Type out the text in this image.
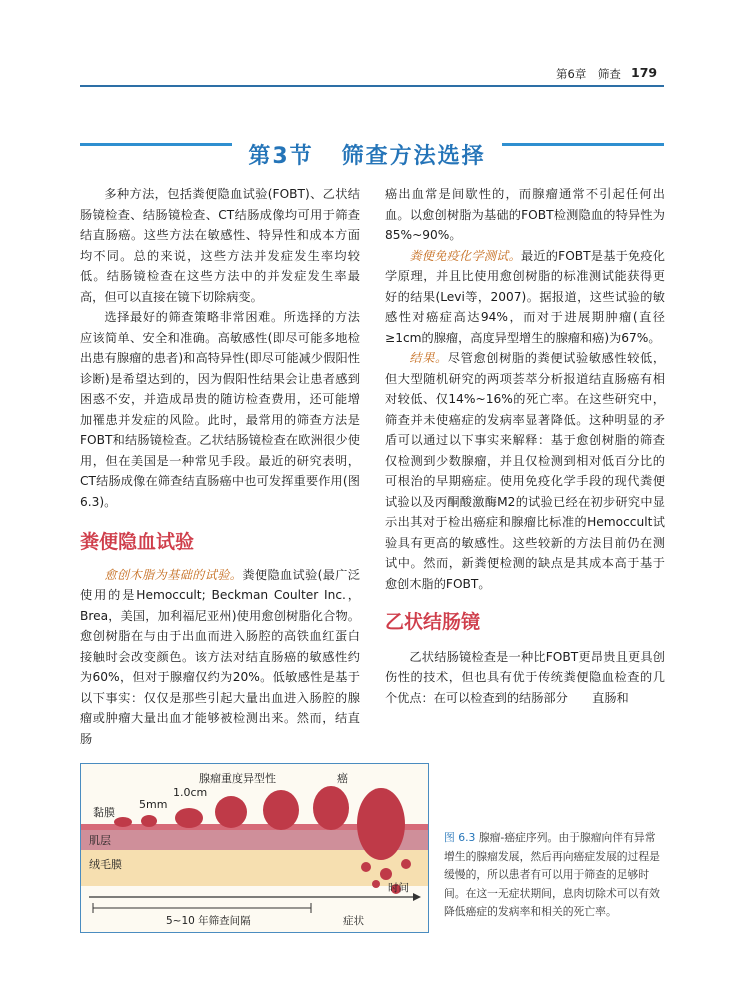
第6章　筛查 179
第3节 筛查方法选择

多种方法，包括粪便隐血试验(FOBT)、乙状结肠镜检查、结肠镜检查、CT结肠成像均可用于筛查结直肠癌。这些方法在敏感性、特异性和成本方面均不同。总的来说，这些方法并发症发生率均较低。结肠镜检查在这些方法中的并发症发生率最高，但可以直接在镜下切除病变。

选择最好的筛查策略非常困难。所选择的方法应该简单、安全和准确。高敏感性(即尽可能多地检出患有腺瘤的患者)和高特异性(即尽可能减少假阳性诊断)是希望达到的，因为假阳性结果会让患者感到困惑不安，并造成昂贵的随访检查费用，还可能增加罹患并发症的风险。此时，最常用的筛查方法是FOBT和结肠镜检查。乙状结肠镜检查在欧洲很少使用，但在美国是一种常见手段。最近的研究表明，CT结肠成像在筛查结直肠癌中也可发挥重要作用(图6.3)。

粪便隐血试验

愈创木脂为基础的试验。粪便隐血试验(最广泛使用的是Hemoccult; Beckman Coulter Inc.，Brea，美国，加利福尼亚州)使用愈创树脂化合物。愈创树脂在与由于出血而进入肠腔的高铁血红蛋白接触时会改变颜色。该方法对结直肠癌的敏感性约为60%，但对于腺瘤仅约为20%。低敏感性是基于以下事实：仅仅是那些引起大量出血进入肠腔的腺瘤或肿瘤大量出血才能够被检测出来。然而，结直肠

癌出血常是间歇性的，而腺瘤通常不引起任何出血。以愈创树脂为基础的FOBT检测隐血的特异性为85%~90%。

粪便免疫化学测试。最近的FOBT是基于免疫化学原理，并且比使用愈创树脂的标准测试能获得更好的结果(Levi等，2007)。据报道，这些试验的敏感性对癌症高达94%，而对于进展期肿瘤(直径≥1cm的腺瘤，高度异型增生的腺瘤和癌)为67%。

结果。尽管愈创树脂的粪便试验敏感性较低，但大型随机研究的两项荟萃分析报道结直肠癌有相对较低、仅14%~16%的死亡率。在这些研究中，筛查并未使癌症的发病率显著降低。这种明显的矛盾可以通过以下事实来解释：基于愈创树脂的筛查仅检测到少数腺瘤，并且仅检测到相对低百分比的可根治的早期癌症。使用免疫化学手段的现代粪便试验以及丙酮酸激酶M2的试验已经在初步研究中显示出其对于检出癌症和腺瘤比标准的Hemoccult试验具有更高的敏感性。这些较新的方法目前仍在测试中。然而，新粪便检测的缺点是其成本高于基于愈创木脂的FOBT。

乙状结肠镜

乙状结肠镜检查是一种比FOBT更昂贵且更具创伤性的技术，但也具有优于传统粪便隐血检查的几个优点：在可以检查到的结肠部分　　直肠和

黏膜
5mm
1.0cm
腺瘤重度异型性	癌
肌层
绒毛膜
时间
5~10 年筛查间隔	症状
图 6.3 腺瘤-癌症序列。由于腺瘤向伴有异常增生的腺瘤发展，然后再向癌症发展的过程是缓慢的，所以患者有可以用于筛查的足够时间。在这一无症状期间，息肉切除术可以有效降低癌症的发病率和相关的死亡率。
